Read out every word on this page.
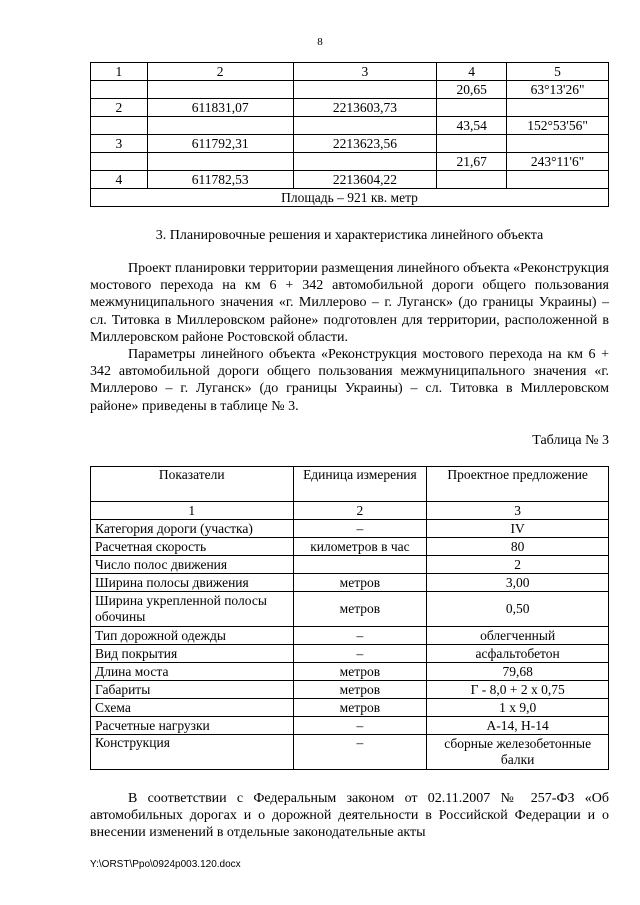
8
1	2	3	4	5
			20,65	63°13'26"
2	611831,07	2213603,73		
			43,54	152°53'56"
3	611792,31	2213623,56		
			21,67	243°11'6"
4	611782,53	2213604,22		
Площадь – 921 кв. метр				
3. Планировочные решения и характеристика линейного объекта
Проект планировки территории размещения линейного объекта «Реконструкция мостового перехода на км 6 + 342 автомобильной дороги общего пользования межмуниципального значения «г. Миллерово – г. Луганск» (до границы Украины) – сл. Титовка в Миллеровском районе» подготовлен для территории, расположенной в Миллеровском районе Ростовской области.
Параметры линейного объекта «Реконструкция мостового перехода на км 6 + 342 автомобильной дороги общего пользования межмуниципального значения «г. Миллерово – г. Луганск» (до границы Украины) – сл. Титовка в Миллеровском районе» приведены в таблице № 3.
Таблица № 3
Показатели	Единица измерения	Проектное предложение
1	2	3
Категория дороги (участка)	–	IV
Расчетная скорость	километров в час	80
Число полос движения		2
Ширина полосы движения	метров	3,00
Ширина укрепленной полосы обочины	метров	0,50
Тип дорожной одежды	–	облегченный
Вид покрытия	–	асфальтобетон
Длина моста	метров	79,68
Габариты	метров	Г - 8,0 + 2 х 0,75
Схема	метров	1 х 9,0
Расчетные нагрузки	–	А-14, Н-14
Конструкция	–	сборные железобетонные балки
В соответствии с Федеральным законом от 02.11.2007 № 257-ФЗ «Об автомобильных дорогах и о дорожной деятельности в Российской Федерации и о внесении изменений в отдельные законодательные акты
Y:\ORST\Ppo\0924p003.120.docx
